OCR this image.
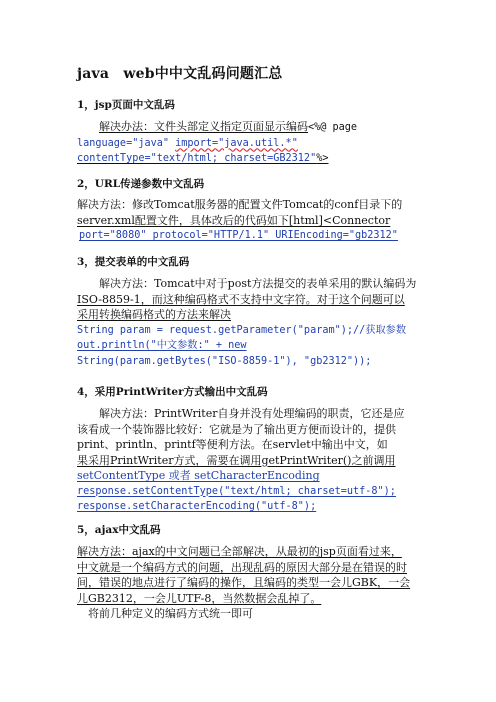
java　web中中文乱码问题汇总
1，jsp页面中文乱码
解决办法：文件头部定义指定页面显示编码<%@ page
language="java" import="java.util.*"
contentType="text/html; charset=GB2312"%>
2，URL传递参数中文乱码
解决方法：修改Tomcat服务器的配置文件Tomcat的conf目录下的
server.xml配置文件，具体改后的代码如下[html]<Connector
port="8080" protocol="HTTP/1.1" URIEncoding="gb2312"
3，提交表单的中文乱码
解决方法：Tomcat中对于post方法提交的表单采用的默认编码为
ISO-8859-1，而这种编码格式不支持中文字符。对于这个问题可以
采用转换编码格式的方法来解决
String param = request.getParameter("param");//获取参数
out.println("中文参数:" + new
String(param.getBytes("ISO-8859-1"), "gb2312"));
4，采用PrintWriter方式输出中文乱码
解决方法：PrintWriter自身并没有处理编码的职责，它还是应
该看成一个装饰器比较好：它就是为了输出更方便而设计的，提供
print、println、printf等便利方法。在servlet中输出中文，如
果采用PrintWriter方式，需要在调用getPrintWriter()之前调用
setContentType 或者 setCharacterEncoding
response.setContentType("text/html; charset=utf-8");
response.setCharacterEncoding("utf-8");
5，ajax中文乱码
解决方法：ajax的中文问题已全部解决，从最初的jsp页面看过来，
中文就是一个编码方式的问题，出现乱码的原因大部分是在错误的时
间，错误的地点进行了编码的操作，且编码的类型一会儿GBK，一会
儿GB2312，一会儿UTF-8，当然数据会乱掉了。
将前几种定义的编码方式统一即可
